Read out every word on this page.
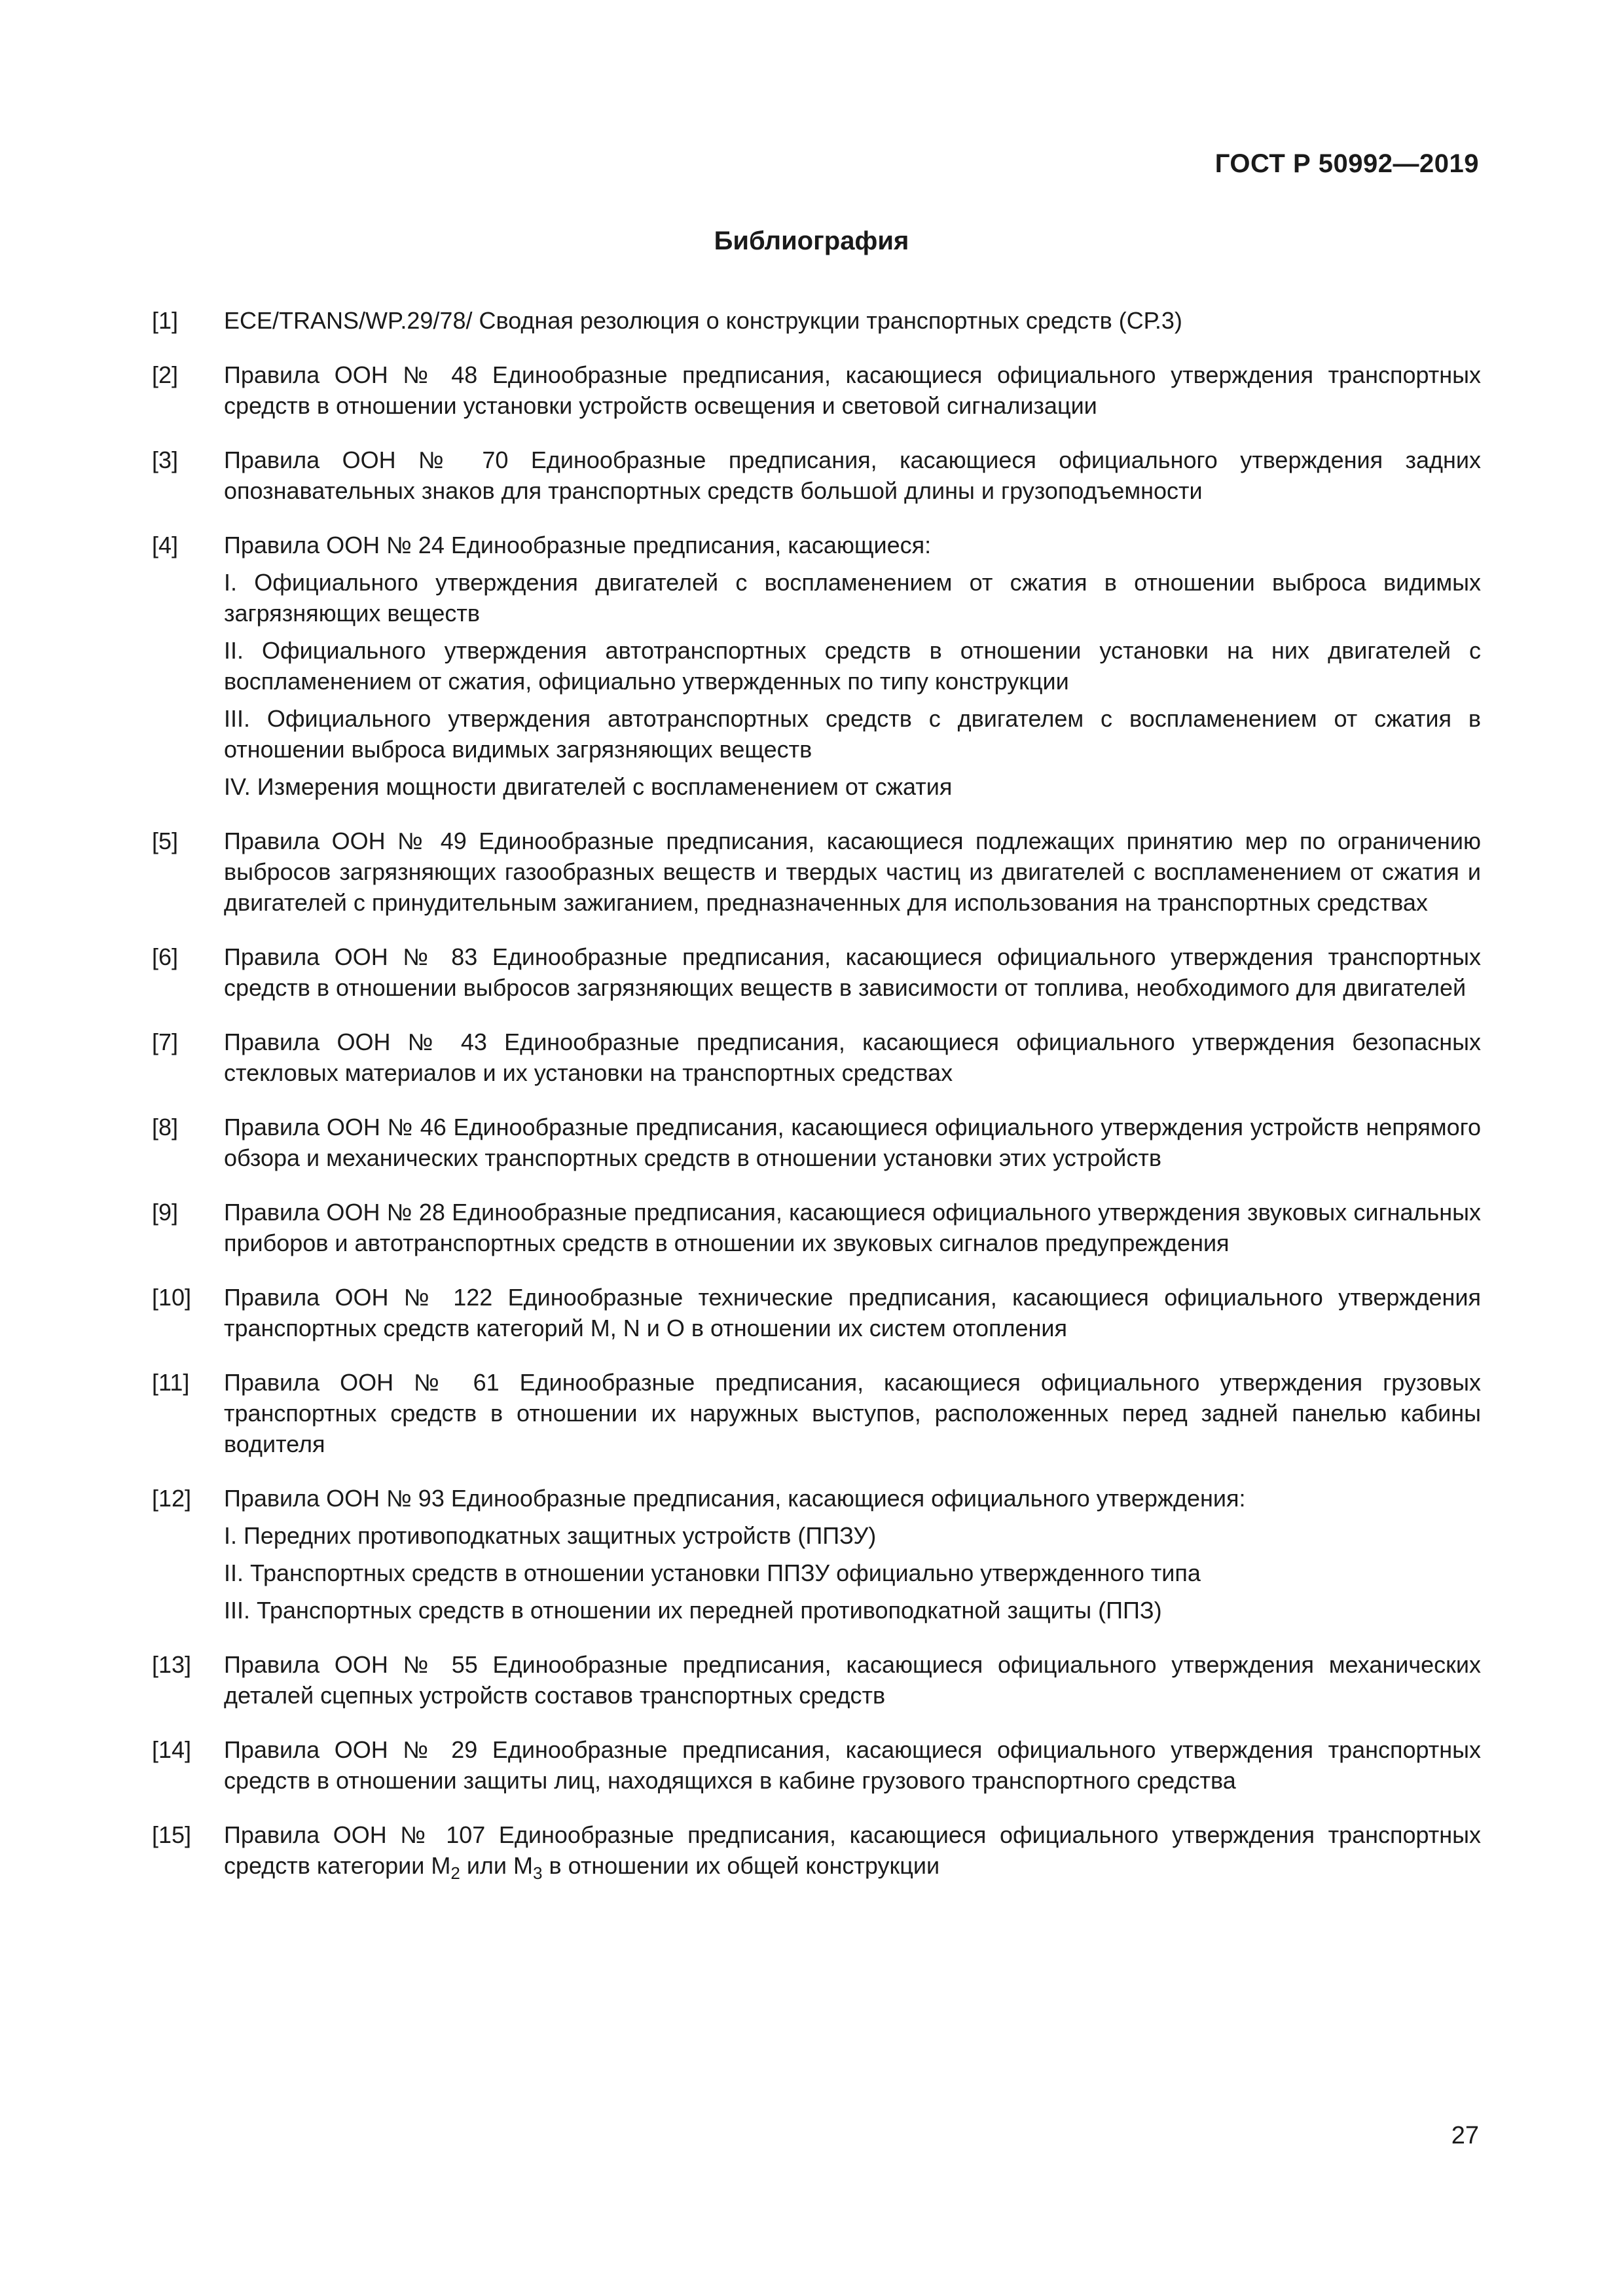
ГОСТ Р 50992—2019
Библиография
[1]	ECE/TRANS/WP.29/78/ Сводная резолюция о конструкции транспортных средств (СР.3)
[2]	Правила ООН № 48 Единообразные предписания, касающиеся официального утверждения транспортных средств в отношении установки устройств освещения и световой сигнализации
[3]	Правила ООН № 70 Единообразные предписания, касающиеся официального утверждения задних опознавательных знаков для транспортных средств большой длины и грузоподъемности
[4]	Правила ООН № 24 Единообразные предписания, касающиеся:
I. Официального утверждения двигателей с воспламенением от сжатия в отношении выброса видимых загрязняющих веществ
II. Официального утверждения автотранспортных средств в отношении установки на них двигателей с воспламенением от сжатия, официально утвержденных по типу конструкции
III. Официального утверждения автотранспортных средств с двигателем с воспламенением от сжатия в отношении выброса видимых загрязняющих веществ
IV. Измерения мощности двигателей с воспламенением от сжатия
[5]	Правила ООН № 49 Единообразные предписания, касающиеся подлежащих принятию мер по ограничению выбросов загрязняющих газообразных веществ и твердых частиц из двигателей с воспламенением от сжатия и двигателей с принудительным зажиганием, предназначенных для использования на транспортных средствах
[6]	Правила ООН № 83 Единообразные предписания, касающиеся официального утверждения транспортных средств в отношении выбросов загрязняющих веществ в зависимости от топлива, необходимого для двигателей
[7]	Правила ООН № 43 Единообразные предписания, касающиеся официального утверждения безопасных стекловых материалов и их установки на транспортных средствах
[8]	Правила ООН № 46 Единообразные предписания, касающиеся официального утверждения устройств непрямого обзора и механических транспортных средств в отношении установки этих устройств
[9]	Правила ООН № 28 Единообразные предписания, касающиеся официального утверждения звуковых сигнальных приборов и автотранспортных средств в отношении их звуковых сигналов предупреждения
[10]	Правила ООН № 122 Единообразные технические предписания, касающиеся официального утверждения транспортных средств категорий M, N и O в отношении их систем отопления
[11]	Правила ООН № 61 Единообразные предписания, касающиеся официального утверждения грузовых транспортных средств в отношении их наружных выступов, расположенных перед задней панелью кабины водителя
[12]	Правила ООН № 93 Единообразные предписания, касающиеся официального утверждения:
I. Передних противоподкатных защитных устройств (ППЗУ)
II. Транспортных средств в отношении установки ППЗУ официально утвержденного типа
III. Транспортных средств в отношении их передней противоподкатной защиты (ППЗ)
[13]	Правила ООН № 55 Единообразные предписания, касающиеся официального утверждения механических деталей сцепных устройств составов транспортных средств
[14]	Правила ООН № 29 Единообразные предписания, касающиеся официального утверждения транспортных средств в отношении защиты лиц, находящихся в кабине грузового транспортного средства
[15]	Правила ООН № 107 Единообразные предписания, касающиеся официального утверждения транспортных средств категории $M_2$ или $M_3$ в отношении их общей конструкции
27
